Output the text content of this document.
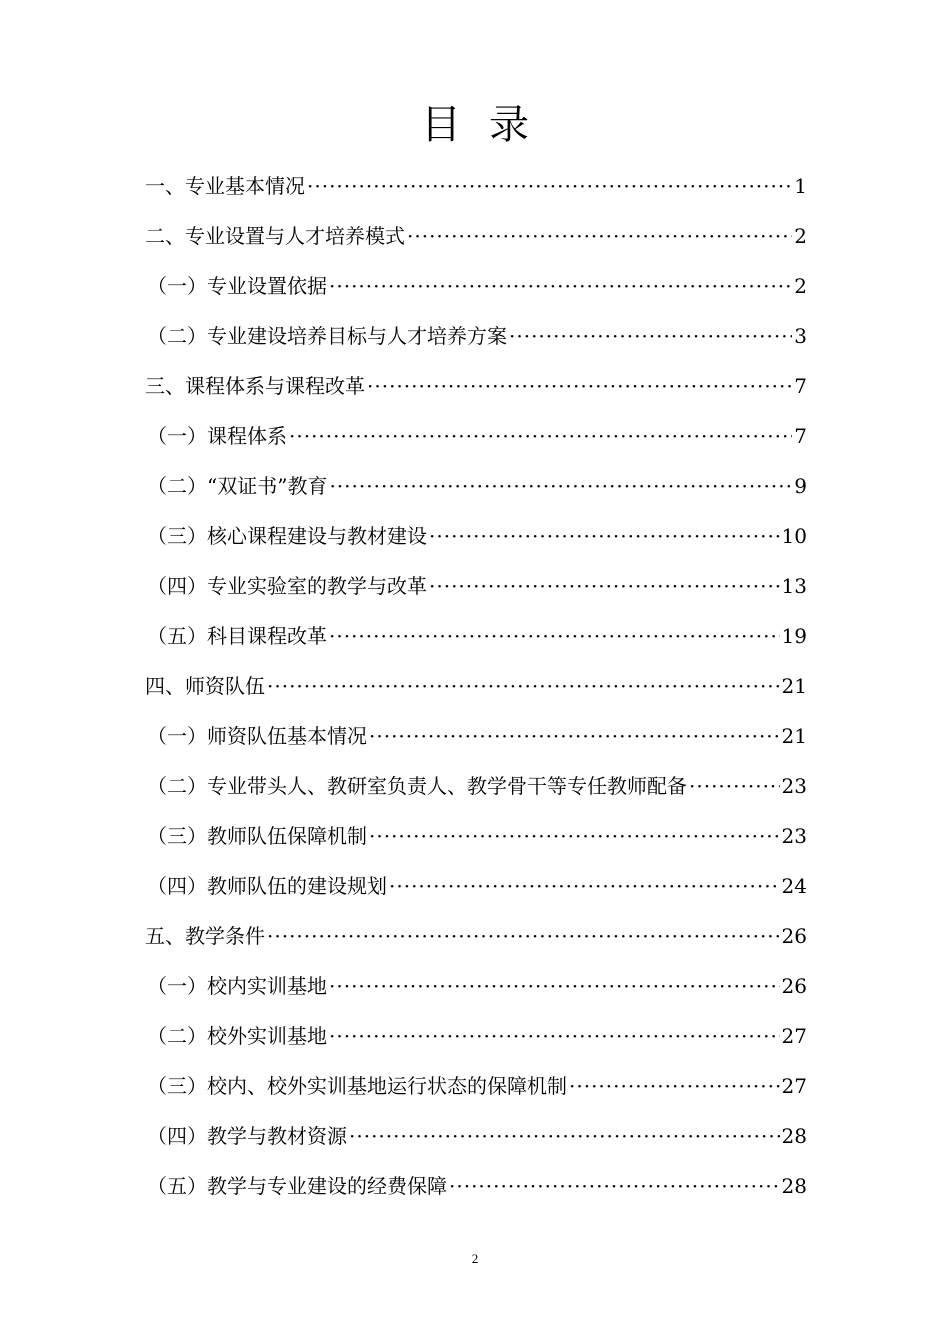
目录
一、专业基本情况 ·····	1
二、专业设置与人才培养模式 ·····	2
（一）专业设置依据 ·····	2
（二）专业建设培养目标与人才培养方案 ·····	3
三、课程体系与课程改革 ·····	7
（一）课程体系 ·····	7
（二）“双证书”教育 ·····	9
（三）核心课程建设与教材建设 ·····	10
（四）专业实验室的教学与改革 ·····	13
（五）科目课程改革 ·····	19
四、师资队伍 ·····	21
（一）师资队伍基本情况 ·····	21
（二）专业带头人、教研室负责人、教学骨干等专任教师配备 ·····	23
（三）教师队伍保障机制 ·····	23
（四）教师队伍的建设规划 ·····	24
五、教学条件 ·····	26
（一）校内实训基地 ·····	26
（二）校外实训基地 ·····	27
（三）校内、校外实训基地运行状态的保障机制 ·····	27
（四）教学与教材资源 ·····	28
（五）教学与专业建设的经费保障 ·····	28
2
